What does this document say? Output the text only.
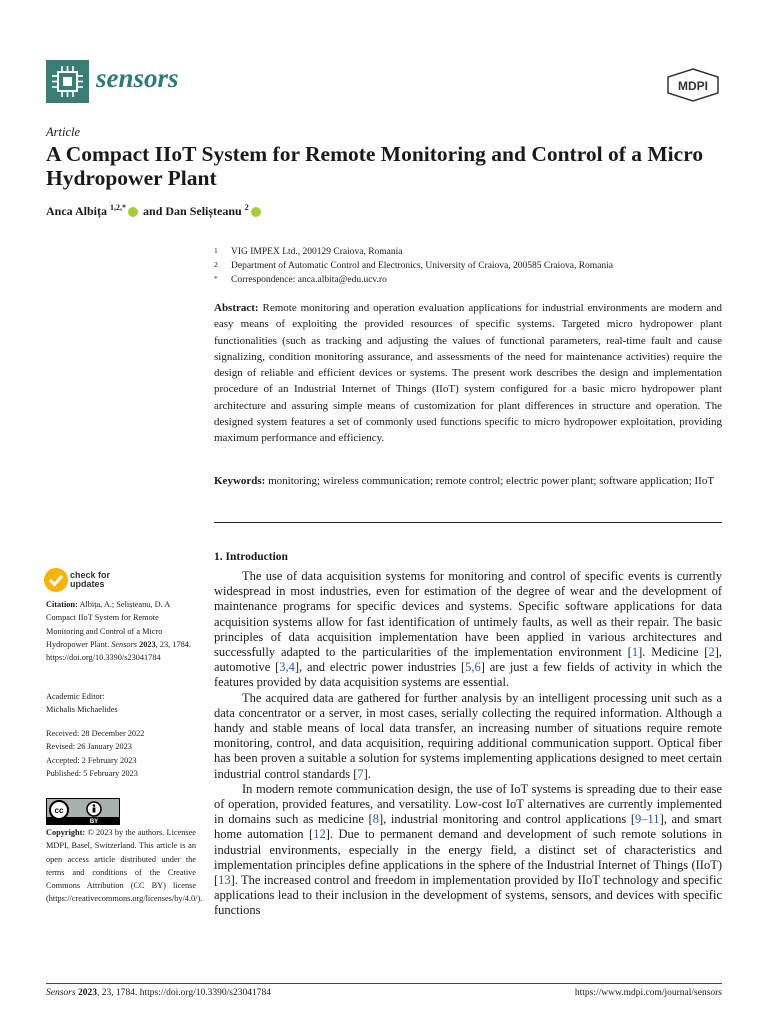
sensors	MDPI
Article
A Compact IIoT System for Remote Monitoring and Control of a Micro Hydropower Plant
Anca Albița $^{1,2,*}$ and Dan Selișteanu $^2$
1 VIG IMPEX Ltd., 200129 Craiova, Romania
2 Department of Automatic Control and Electronics, University of Craiova, 200585 Craiova, Romania
* Correspondence: anca.albita@edu.ucv.ro
Abstract: Remote monitoring and operation evaluation applications for industrial environments are modern and easy means of exploiting the provided resources of specific systems. Targeted micro hydropower plant functionalities (such as tracking and adjusting the values of functional parameters, real-time fault and cause signalizing, condition monitoring assurance, and assessments of the need for maintenance activities) require the design of reliable and efficient devices or systems. The present work describes the design and implementation procedure of an Industrial Internet of Things (IIoT) system configured for a basic micro hydropower plant architecture and assuring simple means of customization for plant differences in structure and operation. The designed system features a set of commonly used functions specific to micro hydropower exploitation, providing maximum performance and efficiency.
Keywords: monitoring; wireless communication; remote control; electric power plant; software application; IIoT
1. Introduction

The use of data acquisition systems for monitoring and control of specific events is currently widespread in most industries, even for estimation of the degree of wear and the development of maintenance programs for specific devices and systems. Specific software applications for data acquisition systems allow for fast identification of untimely faults, as well as their repair. The basic principles of data acquisition implementation have been applied in various architectures and successfully adapted to the particularities of the implementation environment [1]. Medicine [2], automotive [3,4], and electric power industries [5,6] are just a few fields of activity in which the features provided by data acquisition systems are essential.

The acquired data are gathered for further analysis by an intelligent processing unit such as a data concentrator or a server, in most cases, serially collecting the required information. Although a handy and stable means of local data transfer, an increasing number of situations require remote monitoring, control, and data acquisition, requiring additional communication support. Optical fiber has been proven a suitable a solution for systems implementing applications designed to meet certain industrial control standards [7].

In modern remote communication design, the use of IoT systems is spreading due to their ease of operation, provided features, and versatility. Low-cost IoT alternatives are currently implemented in domains such as medicine [8], industrial monitoring and control applications [9–11], and smart home automation [12]. Due to permanent demand and development of such remote solutions in industrial environments, especially in the energy field, a distinct set of characteristics and implementation principles define applications in the sphere of the Industrial Internet of Things (IIoT) [13]. The increased control and freedom in implementation provided by IIoT technology and specific applications lead to their inclusion in the development of systems, sensors, and devices with specific functions

check for
updates
Citation: Albița, A.; Selișteanu, D. A Compact IIoT System for Remote Monitoring and Control of a Micro Hydropower Plant. Sensors 2023, 23, 1784. https://doi.org/10.3390/s23041784
Academic Editor:
Michalis Michaelides
Received: 28 December 2022
Revised: 26 January 2023
Accepted: 2 February 2023
Published: 5 February 2023
cc
BY
Copyright: © 2023 by the authors. Licensee MDPI, Basel, Switzerland. This article is an open access article distributed under the terms and conditions of the Creative Commons Attribution (CC BY) license (https://creativecommons.org/licenses/by/4.0/).
Sensors 2023, 23, 1784. https://doi.org/10.3390/s23041784	https://www.mdpi.com/journal/sensors
